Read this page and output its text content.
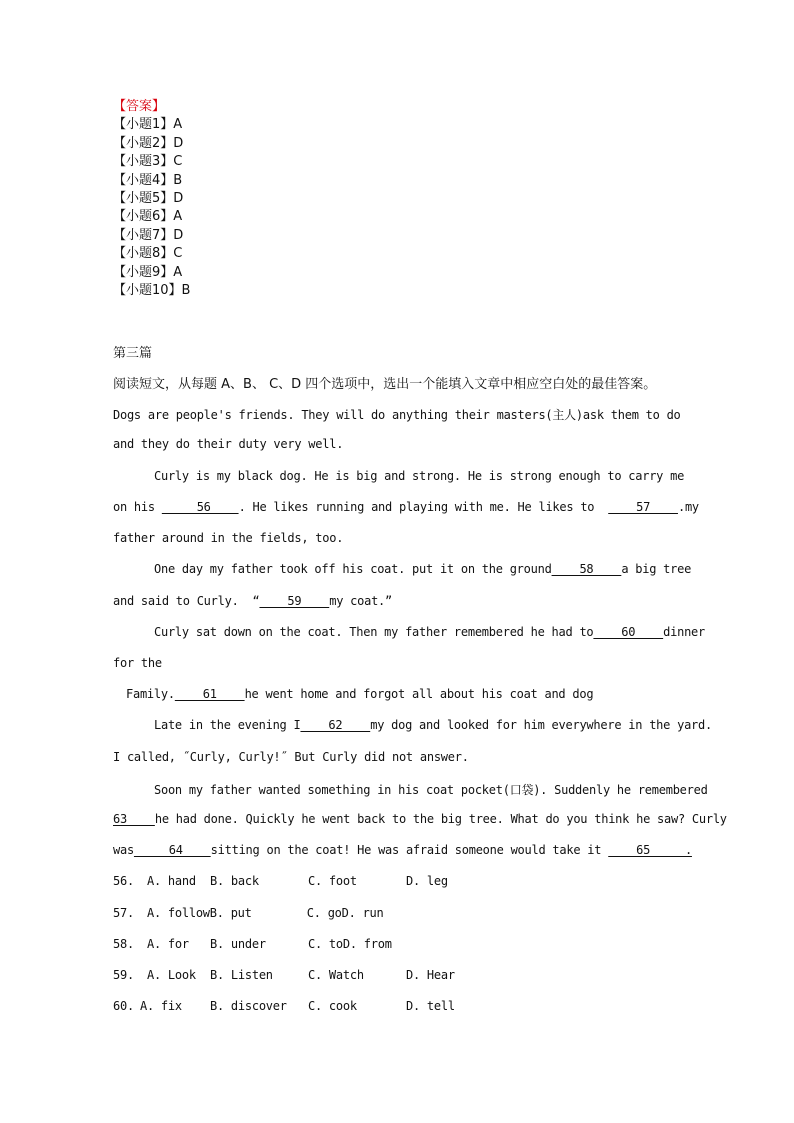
【答案】
【小题1】A
【小题2】D
【小题3】C
【小题4】B
【小题5】D
【小题6】A
【小题7】D
【小题8】C
【小题9】A
【小题10】B
第三篇
阅读短文，从每题 A、B、 C、D 四个选项中，选出一个能填入文章中相应空白处的最佳答案。
Dogs are people's friends. They will do anything their masters(主人)ask them to do
and they do their duty very well.
Curly is my black dog. He is big and strong. He is strong enough to carry me
on his      56    . He likes running and playing with me. He likes to      57    .my
father around in the fields, too.
One day my father took off his coat. put it on the ground    58    a big tree
and said to Curly.  “    59    my coat.”
Curly sat down on the coat. Then my father remembered he had to    60    dinner
for the
Family.    61    he went home and forgot all about his coat and dog
Late in the evening I    62    my dog and looked for him everywhere in the yard.
I called, ˝Curly, Curly!˝ But Curly did not answer.
Soon my father wanted something in his coat pocket(口袋). Suddenly he remembered
63    he had done. Quickly he went back to the big tree. What do you think he saw? Curly
was     64    sitting on the coat! He was afraid someone would take it     65     .
56. A. hand B. back	C. foot	D. leg
57. A. followB. put	C. goD. run
58. A. for B. under	C. toD. from
59. A. Look B. Listen	C. Watch	D. Hear
60. A. fix B. discover C. cook	D. tell
